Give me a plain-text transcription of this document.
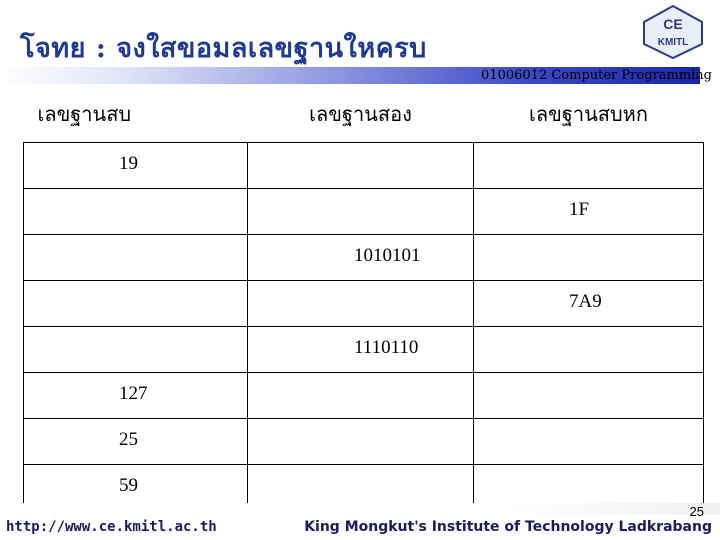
โจทย : จงใสขอมลเลขฐานใหครบ
CE
KMITL
01006012 Computer Programming
เลขฐานสบ	เลขฐานสอง	เลขฐานสบหก

19		

		1F

	1010101	

		7A9

	1110110	

127		

25		

59		

25
http://www.ce.kmitl.ac.th	King Mongkut's Institute of Technology Ladkrabang
